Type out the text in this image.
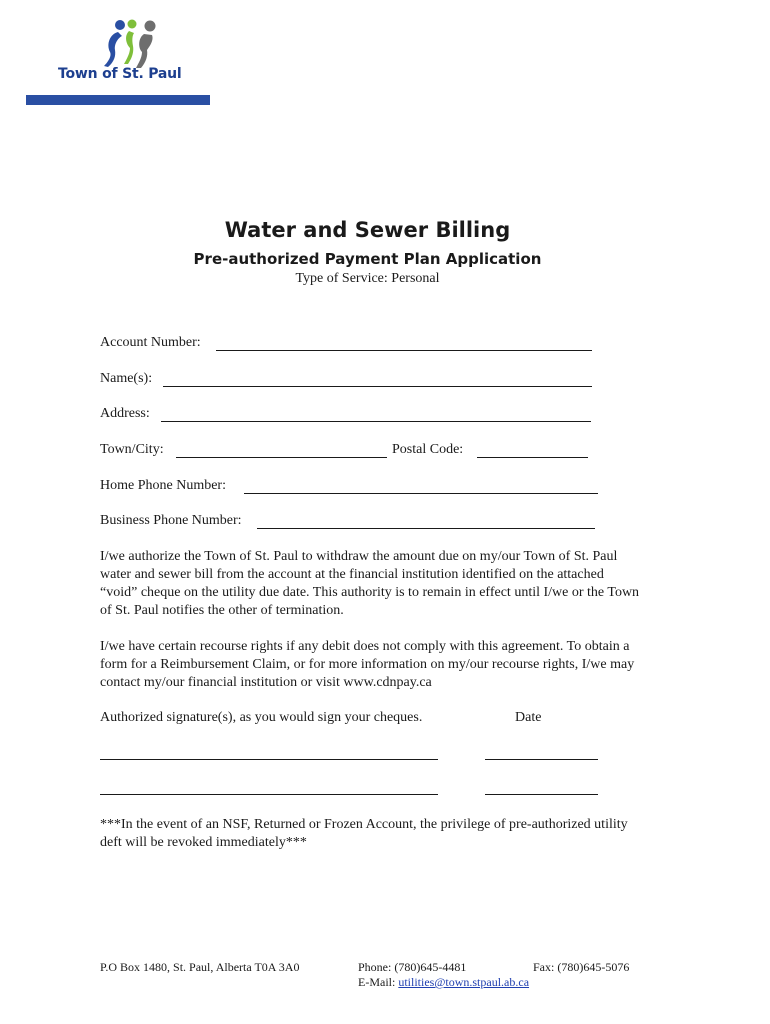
Town of St. Paul
Water and Sewer Billing
Pre-authorized Payment Plan Application
Type of Service: Personal
Account Number:
Name(s):
Address:
Town/City:	Postal Code:
Home Phone Number:
Business Phone Number:
I/we authorize the Town of St. Paul to withdraw the amount due on my/our Town of St. Paul water and sewer bill from the account at the financial institution identified on the attached “void” cheque on the utility due date. This authority is to remain in effect until I/we or the Town of St. Paul notifies the other of termination.
I/we have certain recourse rights if any debit does not comply with this agreement. To obtain a form for a Reimbursement Claim, or for more information on my/our recourse rights, I/we may contact my/our financial institution or visit www.cdnpay.ca
Authorized signature(s), as you would sign your cheques.	Date
***In the event of an NSF, Returned or Frozen Account, the privilege of pre-authorized utility deft will be revoked immediately***
P.O Box 1480, St. Paul, Alberta T0A 3A0	Phone: (780)645-4481	Fax: (780)645-5076
E-Mail: utilities@town.stpaul.ab.ca
